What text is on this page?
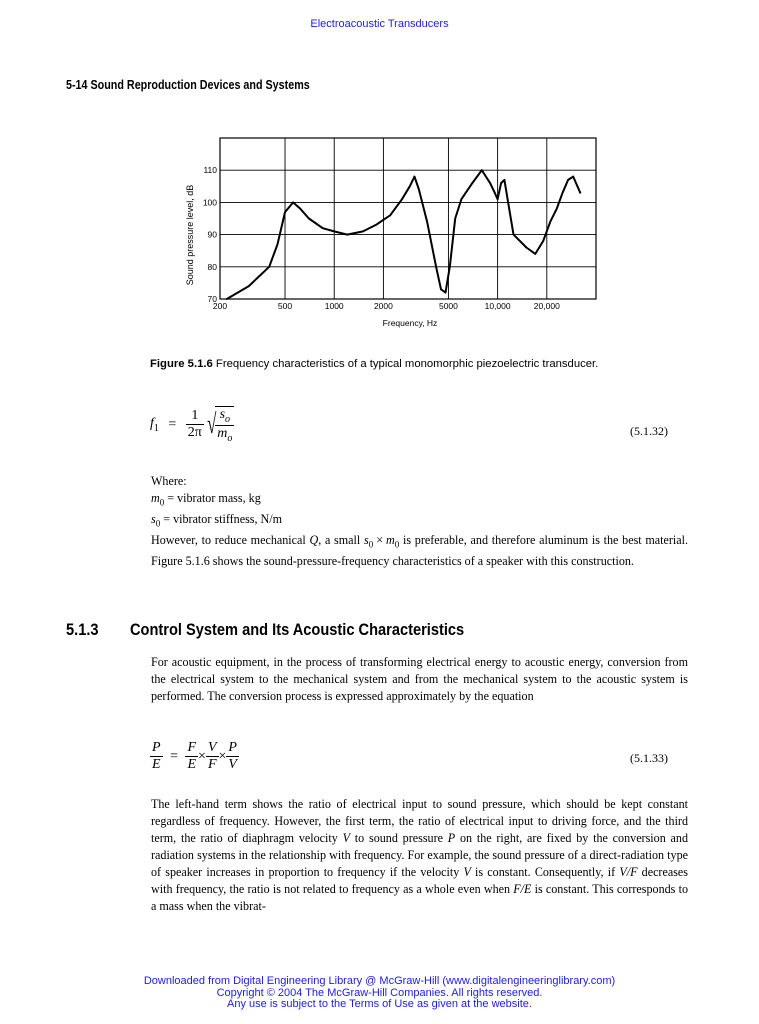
Electroacoustic Transducers
5-14 Sound Reproduction Devices and Systems
200	500	1000	2000	5000	10,000	20,000
70
80
90
100
110
Sound pressure level, dB
Frequency, Hz
Figure 5.1.6 Frequency characteristics of a typical monomorphic piezoelectric transducer.
$f_1 = \frac{1}{2\pi}$ √ $\frac{s_o}{m_o}$	(5.1.32)
Where:
$m_0$ = vibrator mass, kg
$s_0$ = vibrator stiffness, N/m
However, to reduce mechanical Q, a small $s_0 \times m_0$ is preferable, and therefore aluminum is the best material. Figure 5.1.6 shows the sound-pressure-frequency characteristics of a speaker with this construction.
5.1.3 Control System and Its Acoustic Characteristics
For acoustic equipment, in the process of transforming electrical energy to acoustic energy, conversion from the electrical system to the mechanical system and from the mechanical system to the acoustic system is performed. The conversion process is expressed approximately by the equation
$\frac{P}{E} = \frac{F}{E} \times \frac{V}{F} \times \frac{P}{V}$	(5.1.33)
The left-hand term shows the ratio of electrical input to sound pressure, which should be kept constant regardless of frequency. However, the first term, the ratio of electrical input to driving force, and the third term, the ratio of diaphragm velocity V to sound pressure P on the right, are fixed by the conversion and radiation systems in the relationship with frequency. For example, the sound pressure of a direct-radiation type of speaker increases in proportion to frequency if the velocity V is constant. Consequently, if V/F decreases with frequency, the ratio is not related to frequency as a whole even when F/E is constant. This corresponds to a mass when the vibrat-
Downloaded from Digital Engineering Library @ McGraw-Hill (www.digitalengineeringlibrary.com)
Copyright © 2004 The McGraw-Hill Companies. All rights reserved.
Any use is subject to the Terms of Use as given at the website.
